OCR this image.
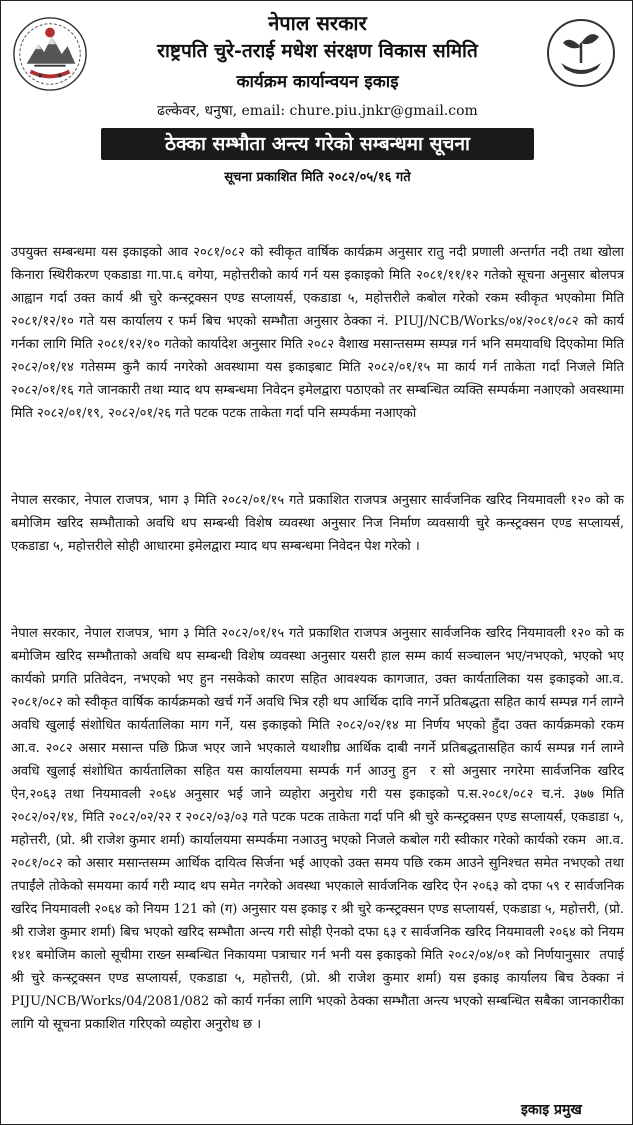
नेपाल सरकार
राष्ट्रपति चुरे-तराई मधेश संरक्षण विकास समिति
कार्यक्रम कार्यान्वयन इकाइ
ढल्केवर, धनुषा, email: chure.piu.jnkr@gmail.com
ठेक्का सम्भौता अन्त्य गरेको सम्बन्धमा सूचना
सूचना प्रकाशित मिति २०८२/०५/१६ गते

उपयुक्त सम्बन्धमा यस इकाइको आव २०८१/०८२ को स्वीकृत वार्षिक कार्यक्रम अनुसार रातु नदी प्रणाली अन्तर्गत नदी तथा खोला किनारा स्थिरीकरण एकडाडा गा.पा.६ वगेया, महोत्तरीको कार्य गर्न यस इकाइको मिति २०८१/११/१२ गतेको सूचना अनुसार बोलपत्र आह्वान गर्दा उक्त कार्य श्री चुरे कन्स्ट्रक्सन एण्ड सप्लायर्स, एकडाडा ५, महोत्तरीले कबोल गरेको रकम स्वीकृत भएकोमा मिति २०८१/१२/१० गते यस कार्यालय र फर्म बिच भएको सम्भौता अनुसार ठेक्का नं. PIUJ/NCB/Works/०४/२०८१/०८२ को कार्य गर्नका लागि मिति २०८१/१२/१० गतेको कार्यादेश अनुसार मिति २०८२ वैशाख मसान्तसम्म सम्पन्न गर्न भनि समयावधि दिएकोमा मिति २०८२/०१/१४ गतेसम्म कुनै कार्य नगरेको अवस्थामा यस इकाइबाट मिति २०८२/०१/१५ मा कार्य गर्न ताकेता गर्दा निजले मिति २०८२/०१/१६ गते जानकारी तथा म्याद थप सम्बन्धमा निवेदन इमेलद्वारा पठाएको तर सम्बन्धित व्यक्ति सम्पर्कमा नआएको अवस्थामा  मिति २०८२/०१/१९, २०८२/०१/२६ गते पटक पटक ताकेता गर्दा पनि सम्पर्कमा नआएको

नेपाल सरकार, नेपाल राजपत्र, भाग ३ मिति २०८२/०१/१५ गते प्रकाशित राजपत्र अनुसार सार्वजनिक खरिद नियमावली १२० को क बमोजिम खरिद सम्भौताको अवधि थप सम्बन्धी विशेष व्यवस्था अनुसार निज निर्माण व्यवसायी चुरे कन्स्ट्रक्सन एण्ड सप्लायर्स, एकडाडा ५, महोत्तरीले सोही आधारमा इमेलद्वारा म्याद थप सम्बन्धमा निवेदन पेश गरेको ।

नेपाल सरकार, नेपाल राजपत्र, भाग ३ मिति २०८२/०१/१५ गते प्रकाशित राजपत्र अनुसार सार्वजनिक खरिद नियमावली १२० को क बमोजिम खरिद सम्भौताको अवधि थप सम्बन्धी विशेष व्यवस्था अनुसार यसरी हाल सम्म कार्य सञ्चालन भए/नभएको, भएको भए कार्यको प्रगति प्रतिवेदन, नभएको भए हुन नसकेको कारण सहित आवश्यक कागजात, उक्त कार्यतालिका यस इकाइको आ.व. २०८१/०८२ को स्वीकृत वार्षिक कार्यक्रमको खर्च गर्ने अवधि भित्र रही थप आर्थिक दावि नगर्ने प्रतिबद्धता सहित कार्य सम्पन्न गर्न लाग्ने अवधि खुलाई संशोधित कार्यतालिका माग गर्ने, यस इकाइको मिति २०८२/०२/१४ मा निर्णय भएको हुँदा उक्त कार्यक्रमको रकम आ.व. २०८२ असार मसान्त पछि फ्रिज भएर जाने भएकाले यथाशीघ्र आर्थिक दाबी नगर्ने प्रतिबद्धतासहित कार्य सम्पन्न गर्न लाग्ने अवधि खुलाई संशोधित कार्यतालिका सहित यस कार्यालयमा सम्पर्क गर्न आउनु हुन  र सो अनुसार नगरेमा सार्वजनिक खरिद ऐन,२०६३ तथा नियमावली २०६४ अनुसार भई जाने व्यहोरा अनुरोध गरी यस इकाइको प.स.२०८१/०८२ च.नं. ३७७ मिति २०८२/०२/१४, मिति २०८२/०२/२२ र २०८२/०३/०३ गते पटक पटक ताकेता गर्दा पनि श्री चुरे कन्स्ट्रक्सन एण्ड सप्लायर्स, एकडाडा ५, महोत्तरी, (प्रो. श्री राजेश कुमार शर्मा) कार्यालयमा सम्पर्कमा नआउनु भएको निजले कबोल गरी स्वीकार गरेको कार्यको रकम  आ.व. २०८१/०८२ को असार मसान्तसम्म आर्थिक दायित्व सिर्जना भई आएको उक्त समय पछि रकम आउने सुनिश्चत समेत नभएको तथा तपाईंले तोकेको समयमा कार्य गरी म्याद थप समेत नगरेको अवस्था भएकाले सार्वजनिक खरिद ऐन २०६३ को दफा ५९ र सार्वजनिक खरिद नियमावली २०६४ को नियम 121 को (ग) अनुसार यस इकाइ र श्री चुरे कन्स्ट्रक्सन एण्ड सप्लायर्स, एकडाडा ५, महोत्तरी, (प्रो. श्री राजेश कुमार शर्मा) बिच भएको खरिद सम्भौता अन्त्य गरी सोही ऐनको दफा ६३ र सार्वजनिक खरिद नियमावली २०६४ को नियम १४१ बमोजिम कालो सूचीमा राख्न सम्बन्धित निकायमा पत्राचार गर्न भनी यस इकाइको मिति २०८२/०४/०१ को निर्णयानुसार  तपाई श्री चुरे कन्स्ट्रक्सन एण्ड सप्लायर्स, एकडाडा ५, महोत्तरी, (प्रो. श्री राजेश कुमार शर्मा) यस इकाइ कार्यालय बिच ठेक्का नं PIJU/NCB/Works/04/2081/082 को कार्य गर्नका लागि भएको ठेक्का सम्भौता अन्त्य भएको सम्बन्धित सबैका जानकारीका लागि यो सूचना प्रकाशित गरिएको व्यहोरा अनुरोध छ ।

इकाइ प्रमुख
